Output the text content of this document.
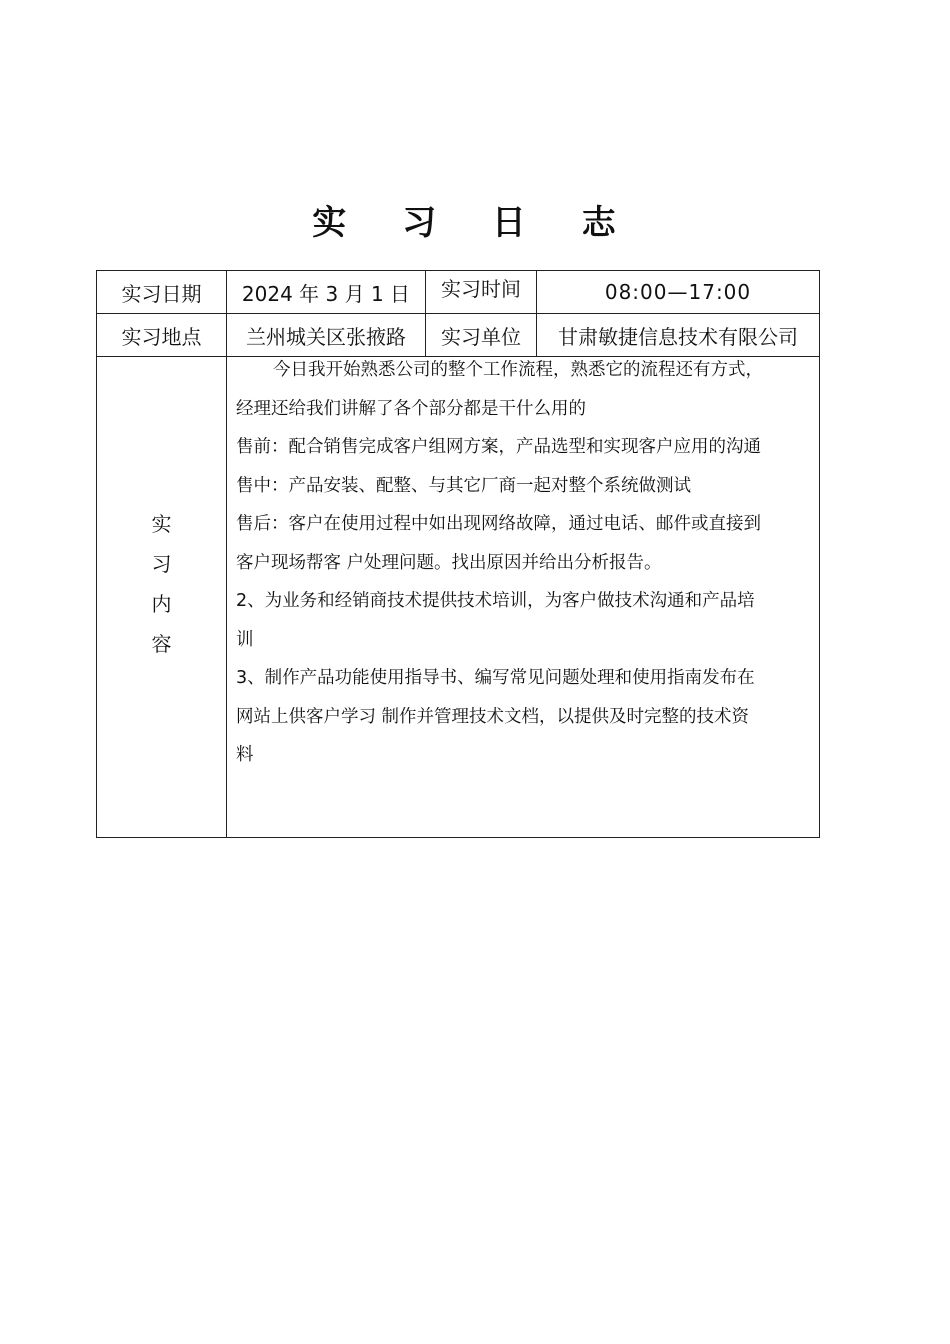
实 习 日 志
实习日期 2024 年 3 月 1 日 实习时间	08:00—17:00
实习地点 兰州城关区张掖路 实习单位 甘肃敏捷信息技术有限公司
实
习
内
容
今日我开始熟悉公司的整个工作流程，熟悉它的流程还有方式，
经理还给我们讲解了各个部分都是干什么用的
售前：配合销售完成客户组网方案，产品选型和实现客户应用的沟通
售中：产品安装、配整、与其它厂商一起对整个系统做测试
售后：客户在使用过程中如出现网络故障，通过电话、邮件或直接到
客户现场帮客 户处理问题。找出原因并给出分析报告。
2、为业务和经销商技术提供技术培训，为客户做技术沟通和产品培
训
3、制作产品功能使用指导书、编写常见问题处理和使用指南发布在
网站上供客户学习 制作并管理技术文档，以提供及时完整的技术资
料
